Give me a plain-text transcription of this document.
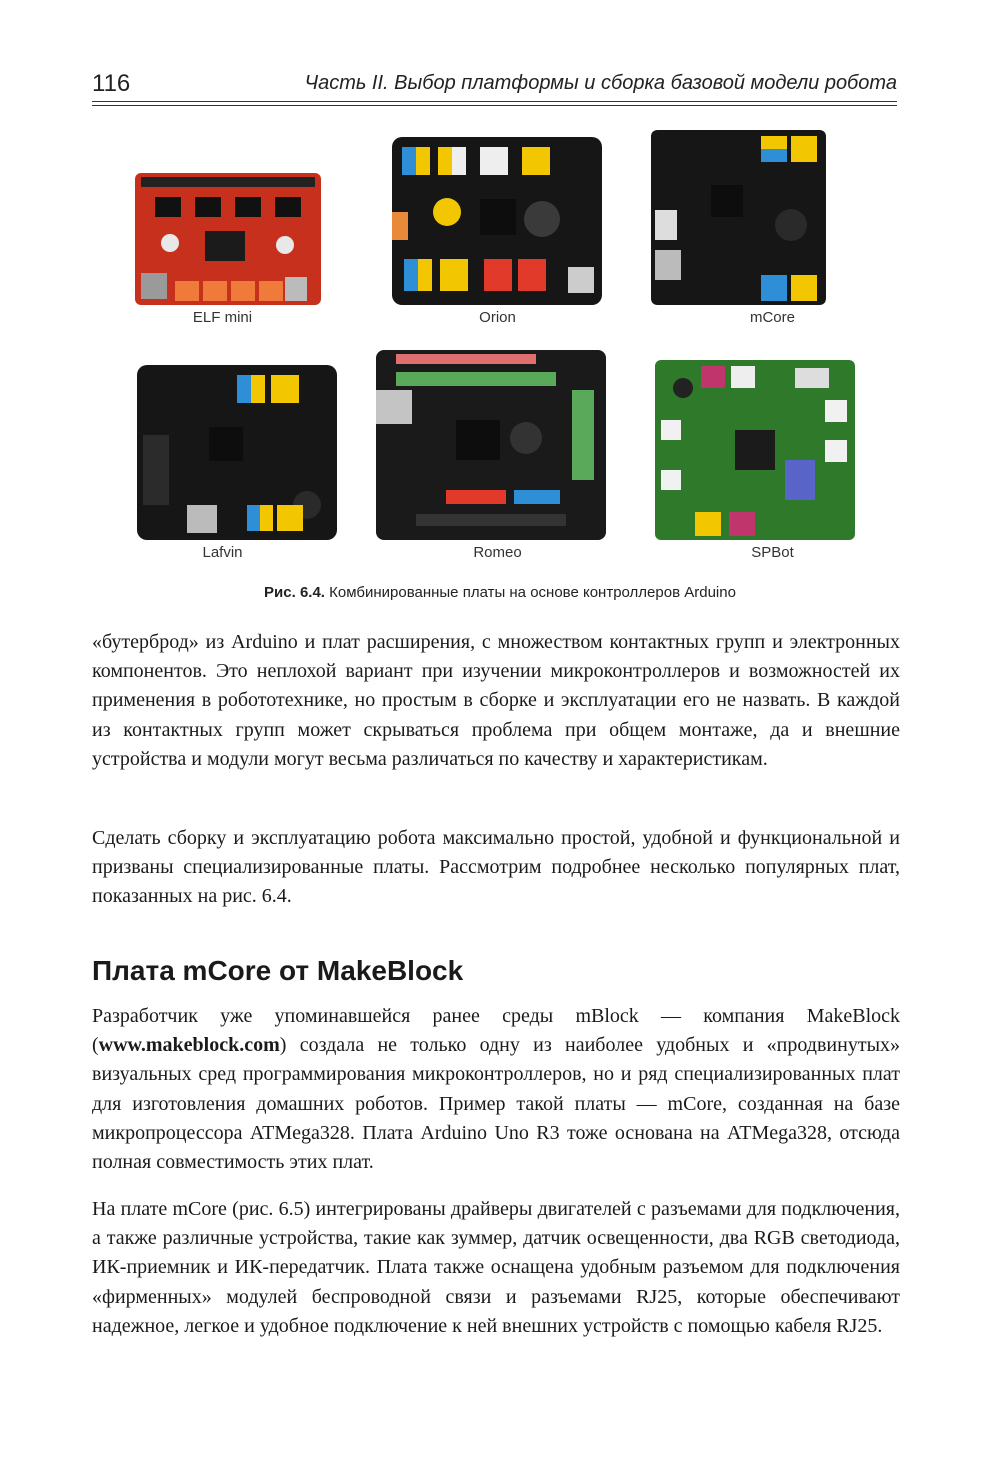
116	Часть II. Выбор платформы и сборка базовой модели робота
ELF mini	Orion	mCore
Lafvin	Romeo	SPBot
Рис. 6.4. Комбинированные платы на основе контроллеров Arduino

«бутерброд» из Arduino и плат расширения, с множеством контактных групп и электронных компонентов. Это неплохой вариант при изучении микроконтроллеров и возможностей их применения в робототехнике, но простым в сборке и эксплуатации его не назвать. В каждой из контактных групп может скрываться проблема при общем монтаже, да и внешние устройства и модули могут весьма различаться по качеству и характеристикам.

Сделать сборку и эксплуатацию робота максимально простой, удобной и функциональной и призваны специализированные платы. Рассмотрим подробнее несколько популярных плат, показанных на рис. 6.4.

Плата mCore от MakeBlock

Разработчик уже упоминавшейся ранее среды mBlock — компания MakeBlock (www.makeblock.com) создала не только одну из наиболее удобных и «продвинутых» визуальных сред программирования микроконтроллеров, но и ряд специализированных плат для изготовления домашних роботов. Пример такой платы — mCore, созданная на базе микропроцессора ATMega328. Плата Arduino Uno R3 тоже основана на ATMega328, отсюда полная совместимость этих плат.

На плате mCore (рис. 6.5) интегрированы драйверы двигателей с разъемами для подключения, а также различные устройства, такие как зуммер, датчик освещенности, два RGB светодиода, ИК-приемник и ИК-передатчик. Плата также оснащена удобным разъемом для подключения «фирменных» модулей беспроводной связи и разъемами RJ25, которые обеспечивают надежное, легкое и удобное подключение к ней внешних устройств с помощью кабеля RJ25.
